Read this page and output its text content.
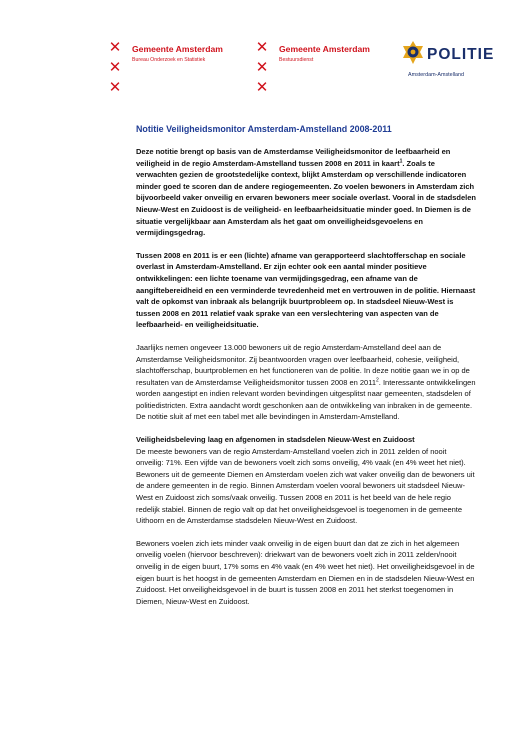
✕
✕
✕
Gemeente Amsterdam
Bureau Onderzoek en Statistiek
✕
✕
✕
Gemeente Amsterdam
Bestuursdienst	POLITIE
Amsterdam-Amstelland
Notitie Veiligheidsmonitor Amsterdam-Amstelland 2008-2011

Deze notitie brengt op basis van de Amsterdamse Veiligheidsmonitor de leefbaarheid en veiligheid in de regio Amsterdam-Amstelland tussen 2008 en 2011 in kaart$^1$. Zoals te verwachten gezien de grootstedelijke context, blijkt Amsterdam op verschillende indicatoren minder goed te scoren dan de andere regiogemeenten. Zo voelen bewoners in Amsterdam zich bijvoorbeeld vaker onveilig en ervaren bewoners meer sociale overlast. Vooral in de stadsdelen Nieuw-West en Zuidoost is de veiligheid- en leefbaarheidsituatie minder goed. In Diemen is de situatie vergelijkbaar aan Amsterdam als het gaat om onveiligheidsgevoelens en vermijdingsgedrag.

Tussen 2008 en 2011 is er een (lichte) afname van gerapporteerd slachtofferschap en sociale overlast in Amsterdam-Amstelland. Er zijn echter ook een aantal minder positieve ontwikkelingen: een lichte toename van vermijdingsgedrag, een afname van de aangiftebereidheid en een verminderde tevredenheid met en vertrouwen in de politie. Hiernaast valt de opkomst van inbraak als belangrijk buurtprobleem op. In stadsdeel Nieuw-West is tussen 2008 en 2011 relatief vaak sprake van een verslechtering van aspecten van de leefbaarheid- en veiligheidsituatie.

Jaarlijks nemen ongeveer 13.000 bewoners uit de regio Amsterdam-Amstelland deel aan de Amsterdamse Veiligheidsmonitor. Zij beantwoorden vragen over leefbaarheid, cohesie, veiligheid, slachtofferschap, buurtproblemen en het functioneren van de politie. In deze notitie gaan we in op de resultaten van de Amsterdamse Veiligheidsmonitor tussen 2008 en 2011$^2$. Interessante ontwikkelingen worden aangestipt en indien relevant worden bevindingen uitgesplitst naar gemeenten, stadsdelen of politiedistricten. Extra aandacht wordt geschonken aan de ontwikkeling van inbraken in de gemeente. De notitie sluit af met een tabel met alle bevindingen in Amsterdam-Amstelland.

Veiligheidsbeleving laag en afgenomen in stadsdelen Nieuw-West en Zuidoost

De meeste bewoners van de regio Amsterdam-Amstelland voelen zich in 2011 zelden of nooit onveilig: 71%. Een vijfde van de bewoners voelt zich soms onveilig, 4% vaak (en 4% weet het niet). Bewoners uit de gemeente Diemen en Amsterdam voelen zich wat vaker onveilig dan de bewoners uit de andere gemeenten in de regio. Binnen Amsterdam voelen vooral bewoners uit stadsdeel Nieuw-West en Zuidoost zich soms/vaak onveilig. Tussen 2008 en 2011 is het beeld van de hele regio redelijk stabiel. Binnen de regio valt op dat het onveiligheidsgevoel is toegenomen in de gemeente Uithoorn en de Amsterdamse stadsdelen Nieuw-West en Zuidoost.

Bewoners voelen zich iets minder vaak onveilig in de eigen buurt dan dat ze zich in het algemeen onveilig voelen (hiervoor beschreven): driekwart van de bewoners voelt zich in 2011 zelden/nooit onveilig in de eigen buurt, 17% soms en 4% vaak (en 4% weet het niet). Het onveiligheidsgevoel in de eigen buurt is het hoogst in de gemeenten Amsterdam en Diemen en in de stadsdelen Nieuw-West en Zuidoost. Het onveiligheidsgevoel in de buurt is tussen 2008 en 2011 het sterkst toegenomen in Diemen, Nieuw-West en Zuidoost.
